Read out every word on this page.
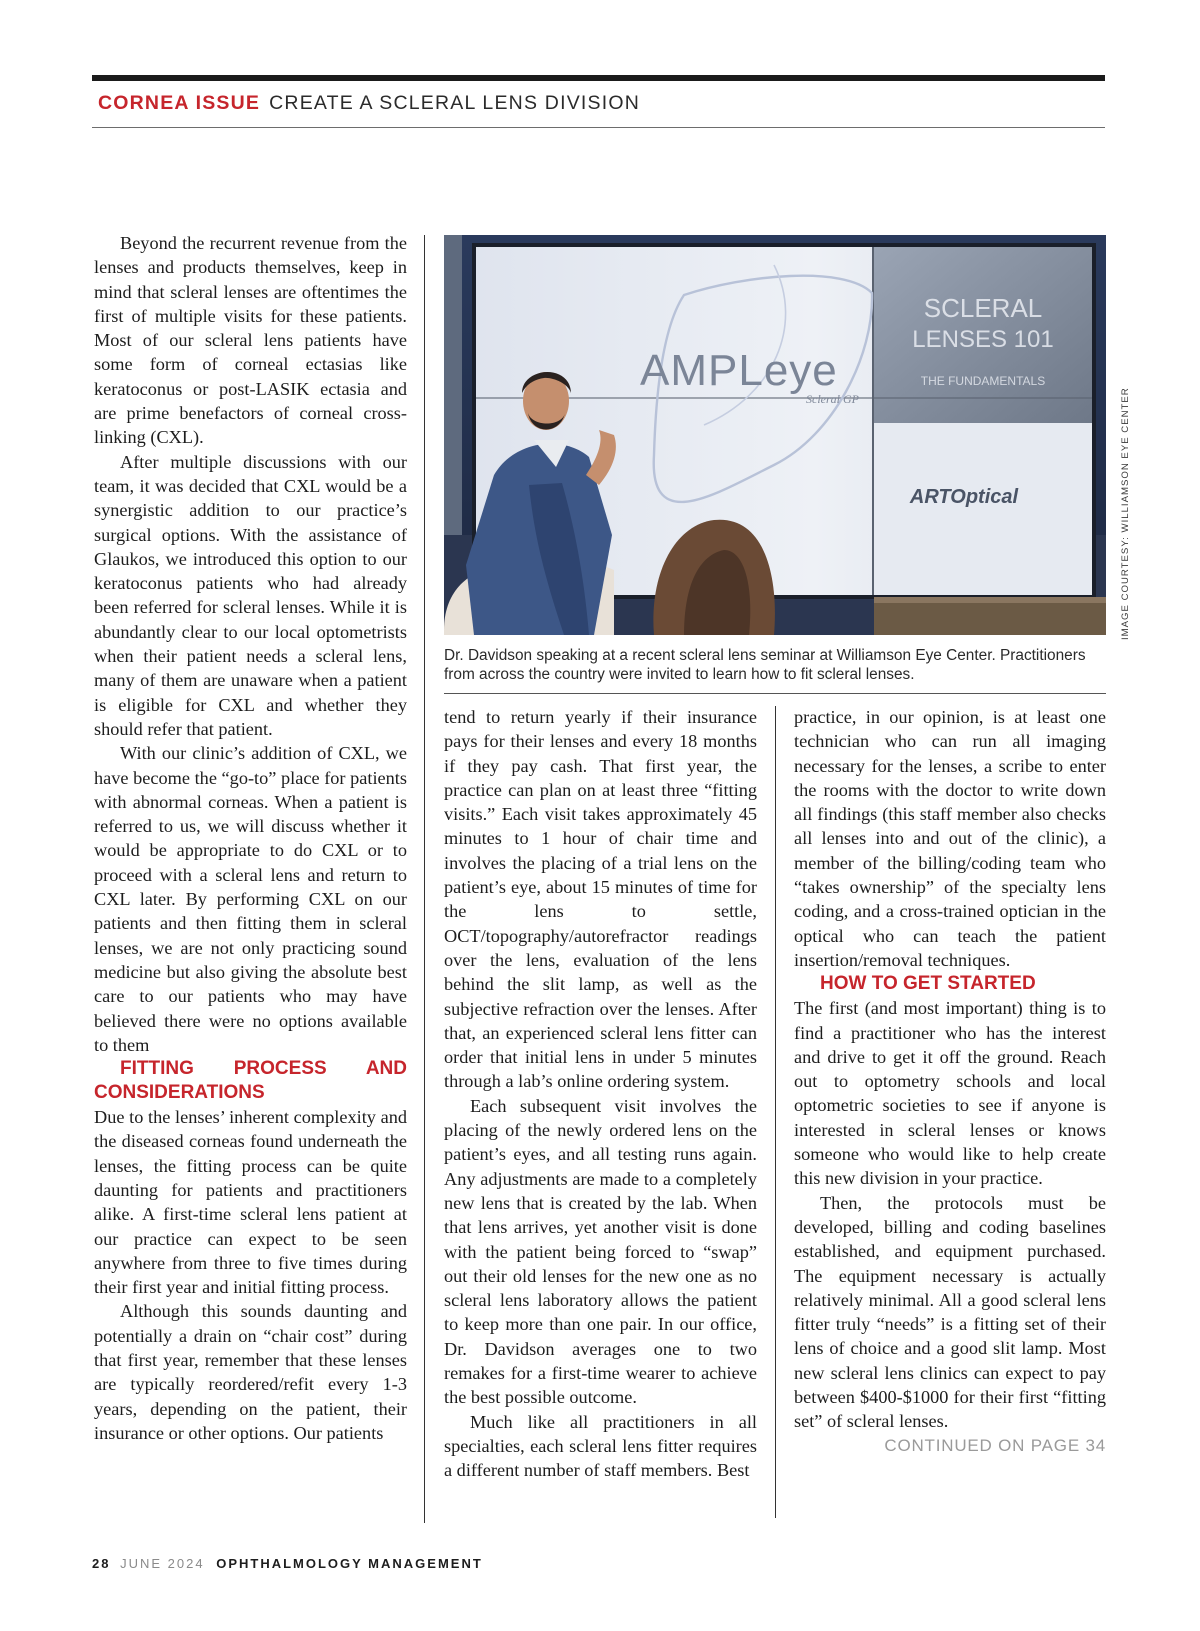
CORNEA ISSUE CREATE A SCLERAL LENS DIVISION

Beyond the recurrent revenue from the lenses and products themselves, keep in mind that scleral lenses are oftentimes the first of multiple visits for these patients. Most of our scleral lens patients have some form of corneal ectasias like keratoconus or post-LASIK ectasia and are prime benefactors of corneal cross-linking (CXL).

After multiple discussions with our team, it was decided that CXL would be a synergistic addition to our practice’s surgical options. With the assistance of Glaukos, we introduced this option to our keratoconus patients who had already been referred for scleral lenses. While it is abundantly clear to our local optometrists when their patient needs a scleral lens, many of them are unaware when a patient is eligible for CXL and whether they should refer that patient.

With our clinic’s addition of CXL, we have become the “go-to” place for patients with abnormal corneas. When a patient is referred to us, we will discuss whether it would be appropriate to do CXL or to proceed with a scleral lens and return to CXL later. By performing CXL on our patients and then fitting them in scleral lenses, we are not only practicing sound medicine but also giving the absolute best care to our patients who may have believed there were no options available to them

FITTING PROCESS AND CONSIDERATIONS

Due to the lenses’ inherent complexity and the diseased corneas found underneath the lenses, the fitting process can be quite daunting for patients and practitioners alike. A first-time scleral lens patient at our practice can expect to be seen anywhere from three to five times during their first year and initial fitting process.

Although this sounds daunting and potentially a drain on “chair cost” during that first year, remember that these lenses are typically reordered/refit every 1-3 years, depending on the patient, their insurance or other options. Our patients

AMPLeye
Scleral GP
SCLERAL
LENSES 101
THE FUNDAMENTALS
ARTOptical	IMAGE COURTESY: WILLIAMSON EYE CENTER
Dr. Davidson speaking at a recent scleral lens seminar at Williamson Eye Center. Practitioners from across the country were invited to learn how to fit scleral lenses.

tend to return yearly if their insurance pays for their lenses and every 18 months if they pay cash. That first year, the practice can plan on at least three “fitting visits.” Each visit takes approximately 45 minutes to 1 hour of chair time and involves the placing of a trial lens on the patient’s eye, about 15 minutes of time for the lens to settle, OCT/topography/autorefractor readings over the lens, evaluation of the lens behind the slit lamp, as well as the subjective refraction over the lenses. After that, an experienced scleral lens fitter can order that initial lens in under 5 minutes through a lab’s online ordering system.

Each subsequent visit involves the placing of the newly ordered lens on the patient’s eyes, and all testing runs again. Any adjustments are made to a completely new lens that is created by the lab. When that lens arrives, yet another visit is done with the patient being forced to “swap” out their old lenses for the new one as no scleral lens laboratory allows the patient to keep more than one pair. In our office, Dr. Davidson averages one to two remakes for a first-time wearer to achieve the best possible outcome.

Much like all practitioners in all specialties, each scleral lens fitter requires a different number of staff members. Best

practice, in our opinion, is at least one technician who can run all imaging necessary for the lenses, a scribe to enter the rooms with the doctor to write down all findings (this staff member also checks all lenses into and out of the clinic), a member of the billing/coding team who “takes ownership” of the specialty lens coding, and a cross-trained optician in the optical who can teach the patient insertion/removal techniques.

HOW TO GET STARTED

The first (and most important) thing is to find a practitioner who has the interest and drive to get it off the ground. Reach out to optometry schools and local optometric societies to see if anyone is interested in scleral lenses or knows someone who would like to help create this new division in your practice.

Then, the protocols must be developed, billing and coding baselines established, and equipment purchased. The equipment necessary is actually relatively minimal. All a good scleral lens fitter truly “needs” is a fitting set of their lens of choice and a good slit lamp. Most new scleral lens clinics can expect to pay between $400-$1000 for their first “fitting set” of scleral lenses.

CONTINUED ON PAGE 34

28 JUNE 2024 OPHTHALMOLOGY MANAGEMENT
